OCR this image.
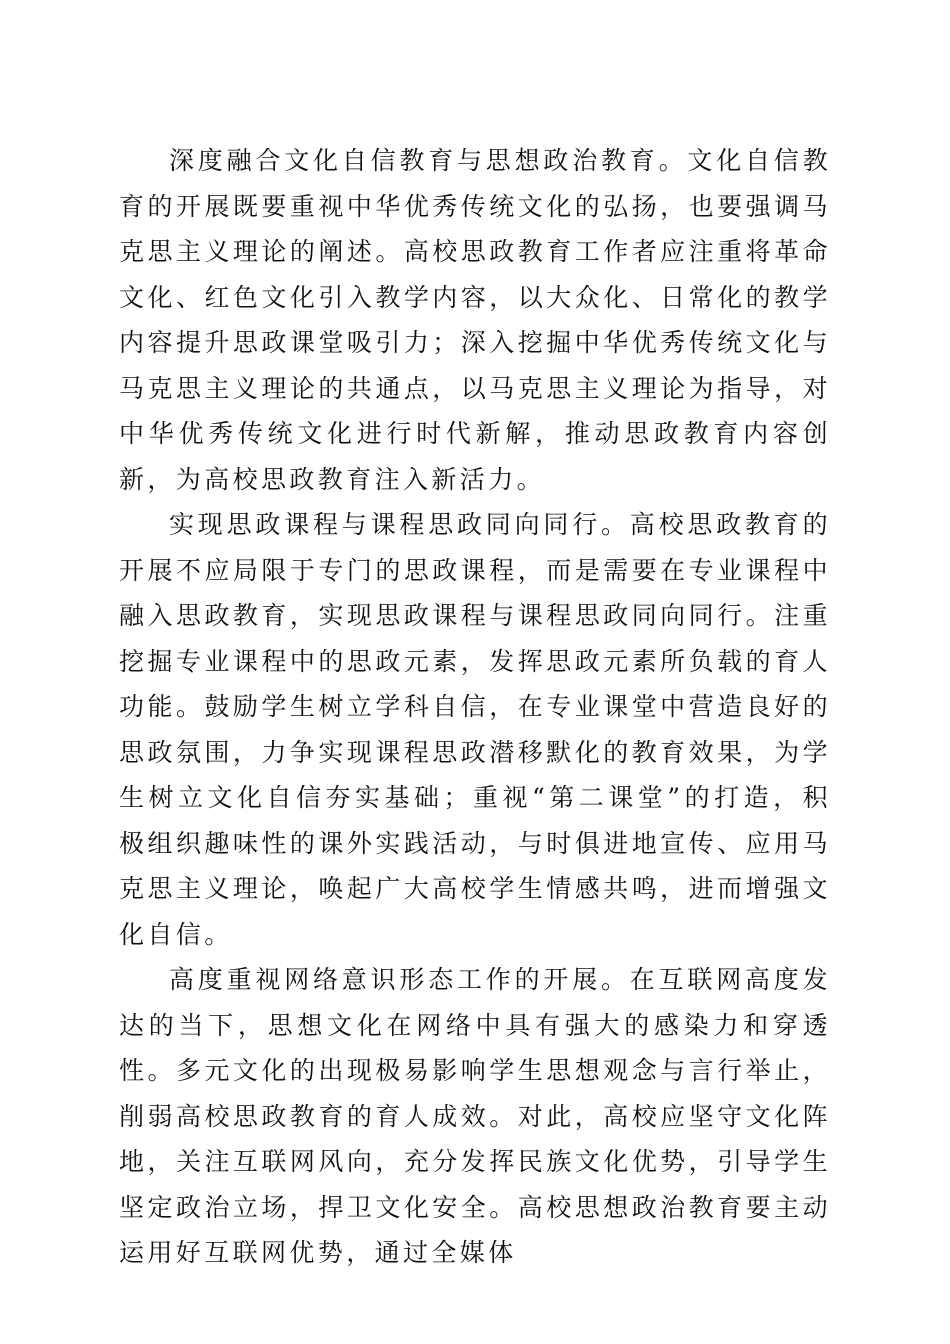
深度融合文化自信教育与思想政治教育。文化自信教育的开展既要重视中华优秀传统文化的弘扬，也要强调马克思主义理论的阐述。高校思政教育工作者应注重将革命文化、红色文化引入教学内容，以大众化、日常化的教学内容提升思政课堂吸引力；深入挖掘中华优秀传统文化与马克思主义理论的共通点，以马克思主义理论为指导，对中华优秀传统文化进行时代新解，推动思政教育内容创新，为高校思政教育注入新活力。

实现思政课程与课程思政同向同行。高校思政教育的开展不应局限于专门的思政课程，而是需要在专业课程中融入思政教育，实现思政课程与课程思政同向同行。注重挖掘专业课程中的思政元素，发挥思政元素所负载的育人功能。鼓励学生树立学科自信，在专业课堂中营造良好的思政氛围，力争实现课程思政潜移默化的教育效果，为学生树立文化自信夯实基础；重视“第二课堂”的打造，积极组织趣味性的课外实践活动，与时俱进地宣传、应用马克思主义理论，唤起广大高校学生情感共鸣，进而增强文化自信。

高度重视网络意识形态工作的开展。在互联网高度发达的当下，思想文化在网络中具有强大的感染力和穿透性。多元文化的出现极易影响学生思想观念与言行举止，削弱高校思政教育的育人成效。对此，高校应坚守文化阵地，关注互联网风向，充分发挥民族文化优势，引导学生坚定政治立场，捍卫文化安全。高校思想政治教育要主动运用好互联网优势，通过全媒体
